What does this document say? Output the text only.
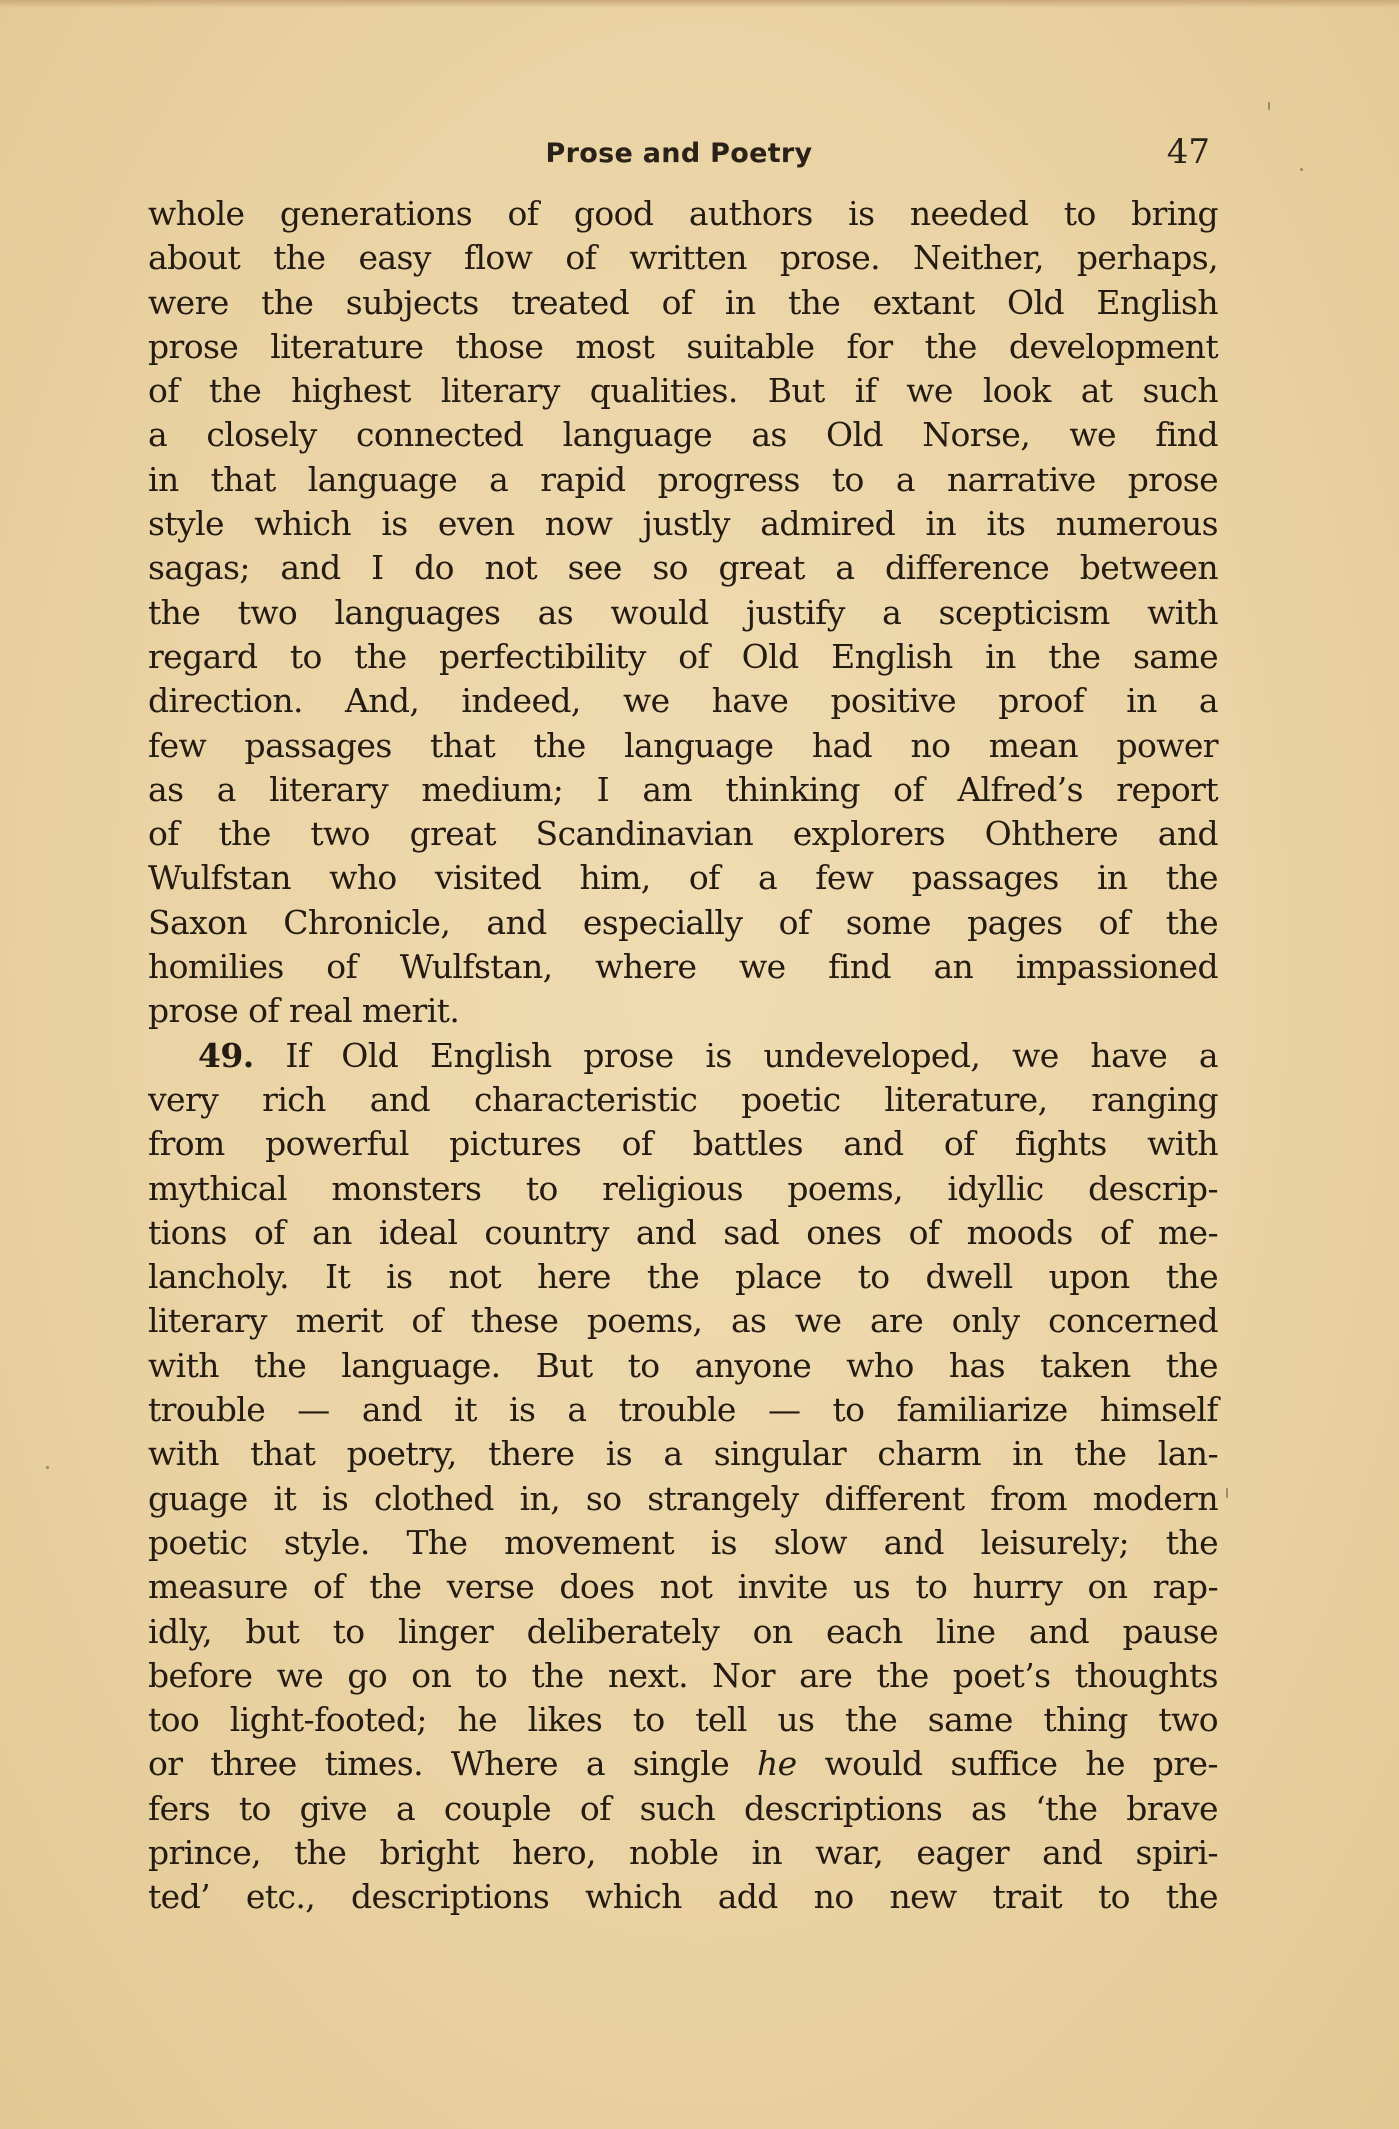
Prose and Poetry	47
whole generations of good authors is needed to bring
about the easy flow of written prose. Neither, perhaps,
were the subjects treated of in the extant Old English
prose literature those most suitable for the development
of the highest literary qualities. But if we look at such
a closely connected language as Old Norse, we find
in that language a rapid progress to a narrative prose
style which is even now justly admired in its numerous
sagas; and I do not see so great a difference between
the two languages as would justify a scepticism with
regard to the perfectibility of Old English in the same
direction. And, indeed, we have positive proof in a
few passages that the language had no mean power
as a literary medium; I am thinking of Alfred’s report
of the two great Scandinavian explorers Ohthere and
Wulfstan who visited him, of a few passages in the
Saxon Chronicle, and especially of some pages of the
homilies of Wulfstan, where we find an impassioned
prose of real merit.
49. If Old English prose is undeveloped, we have a
very rich and characteristic poetic literature, ranging
from powerful pictures of battles and of fights with
mythical monsters to religious poems, idyllic descrip-
tions of an ideal country and sad ones of moods of me-
lancholy. It is not here the place to dwell upon the
literary merit of these poems, as we are only concerned
with the language. But to anyone who has taken the
trouble — and it is a trouble — to familiarize himself
with that poetry, there is a singular charm in the lan-
guage it is clothed in, so strangely different from modern
poetic style. The movement is slow and leisurely; the
measure of the verse does not invite us to hurry on rap-
idly, but to linger deliberately on each line and pause
before we go on to the next. Nor are the poet’s thoughts
too light-footed; he likes to tell us the same thing two
or three times. Where a single he would suffice he pre-
fers to give a couple of such descriptions as ‘the brave
prince, the bright hero, noble in war, eager and spiri-
ted’ etc., descriptions which add no new trait to the
